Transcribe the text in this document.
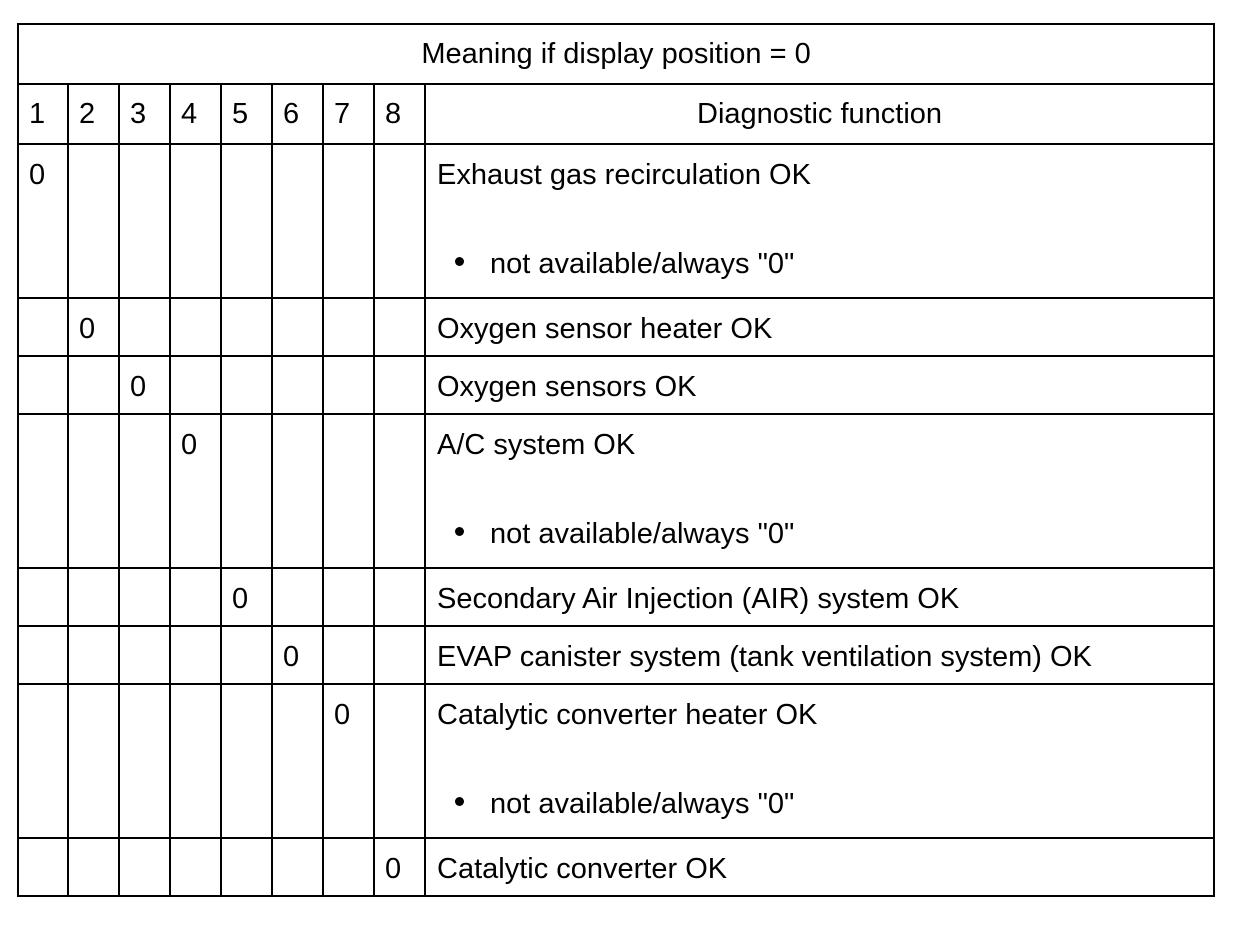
Meaning if display position = 0								
1	2	3	4	5	6	7	8	Diagnostic function
0								Exhaust gas recirculation OK
not available/always "0"

	0							Oxygen sensor heater OK
		0						Oxygen sensors OK
			0					A/C system OK
not available/always "0"

				0				Secondary Air Injection (AIR) system OK
					0			EVAP canister system (tank ventilation system) OK
						0		Catalytic converter heater OK
not available/always "0"

							0	Catalytic converter OK
